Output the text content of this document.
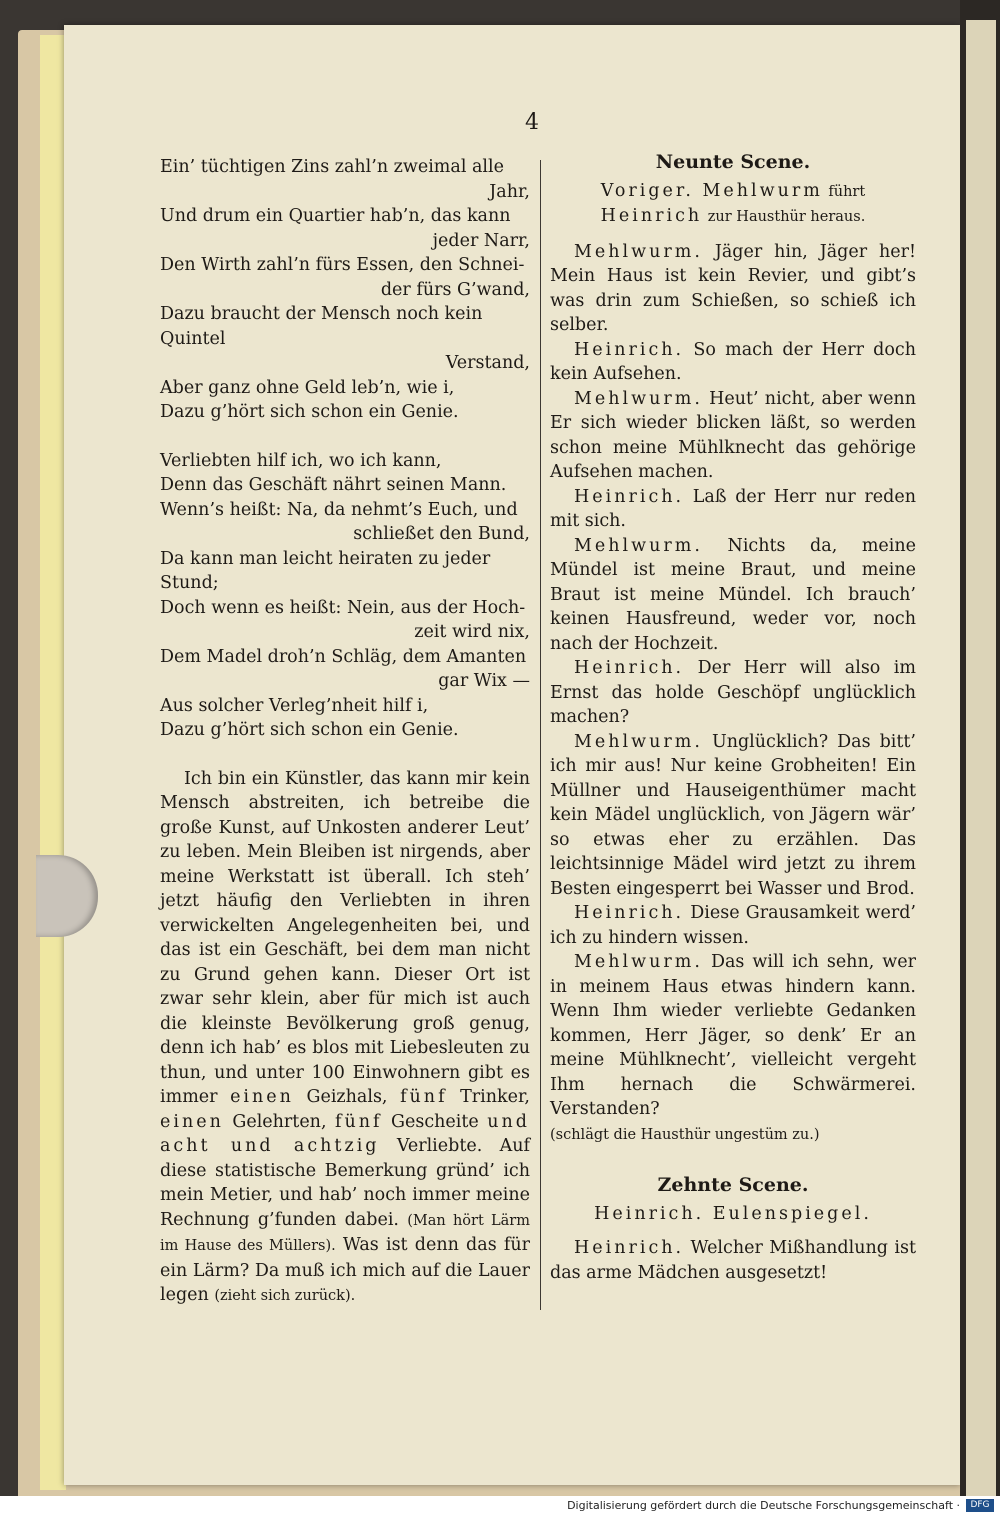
4

Ein’ tüchtigen Zins zahl’n zweimal alle

Jahr,

Und drum ein Quartier hab’n, das kann

jeder Narr,

Den Wirth zahl’n fürs Essen, den Schnei-

der fürs G’wand,

Dazu braucht der Mensch noch kein Quintel

Verstand,

Aber ganz ohne Geld leb’n, wie i,

Dazu g’hört sich schon ein Genie.

Verliebten hilf ich, wo ich kann,

Denn das Geschäft nährt seinen Mann.

Wenn’s heißt: Na, da nehmt’s Euch, und

schließet den Bund,

Da kann man leicht heiraten zu jeder Stund;

Doch wenn es heißt: Nein, aus der Hoch-

zeit wird nix,

Dem Madel droh’n Schläg, dem Amanten

gar Wix —

Aus solcher Verleg’nheit hilf i,

Dazu g’hört sich schon ein Genie.

Ich bin ein Künstler, das kann mir kein Mensch abstreiten, ich betreibe die große Kunst, auf Unkosten anderer Leut’ zu leben. Mein Bleiben ist nirgends, aber meine Werkstatt ist überall. Ich steh’ jetzt häufig den Verliebten in ihren verwickelten Angelegenheiten bei, und das ist ein Geschäft, bei dem man nicht zu Grund gehen kann. Dieser Ort ist zwar sehr klein, aber für mich ist auch die kleinste Bevölkerung groß genug, denn ich hab’ es blos mit Liebesleuten zu thun, und unter 100 Einwohnern gibt es immer einen Geizhals, fünf Trinker, einen Gelehrten, fünf Gescheite und acht und achtzig Verliebte. Auf diese statistische Bemerkung gründ’ ich mein Metier, und hab’ noch immer meine Rechnung g’funden dabei. (Man hört Lärm im Hause des Müllers). Was ist denn das für ein Lärm? Da muß ich mich auf die Lauer legen (zieht sich zurück).

Neunte Scene.

Voriger. Mehlwurm führt Heinrich zur Hausthür heraus.

Mehlwurm. Jäger hin, Jäger her! Mein Haus ist kein Revier, und gibt’s was drin zum Schießen, so schieß ich selber.

Heinrich. So mach der Herr doch kein Aufsehen.

Mehlwurm. Heut’ nicht, aber wenn Er sich wieder blicken läßt, so werden schon meine Mühlknecht das gehörige Aufsehen machen.

Heinrich. Laß der Herr nur reden mit sich.

Mehlwurm. Nichts da, meine Mündel ist meine Braut, und meine Braut ist meine Mündel. Ich brauch’ keinen Hausfreund, weder vor, noch nach der Hochzeit.

Heinrich. Der Herr will also im Ernst das holde Geschöpf unglücklich machen?

Mehlwurm. Unglücklich? Das bitt’ ich mir aus! Nur keine Grobheiten! Ein Müllner und Hauseigenthümer macht kein Mädel unglücklich, von Jägern wär’ so etwas eher zu erzählen. Das leichtsinnige Mädel wird jetzt zu ihrem Besten eingesperrt bei Wasser und Brod.

Heinrich. Diese Grausamkeit werd’ ich zu hindern wissen.

Mehlwurm. Das will ich sehn, wer in meinem Haus etwas hindern kann. Wenn Ihm wieder verliebte Gedanken kommen, Herr Jäger, so denk’ Er an meine Mühlknecht’, vielleicht vergeht Ihm hernach die Schwärmerei. Verstanden?

(schlägt die Hausthür ungestüm zu.)

Zehnte Scene.

Heinrich. Eulenspiegel.

Heinrich. Welcher Mißhandlung ist das arme Mädchen ausgesetzt!

Digitalisierung gefördert durch die Deutsche Forschungsgemeinschaft ·	DFG
